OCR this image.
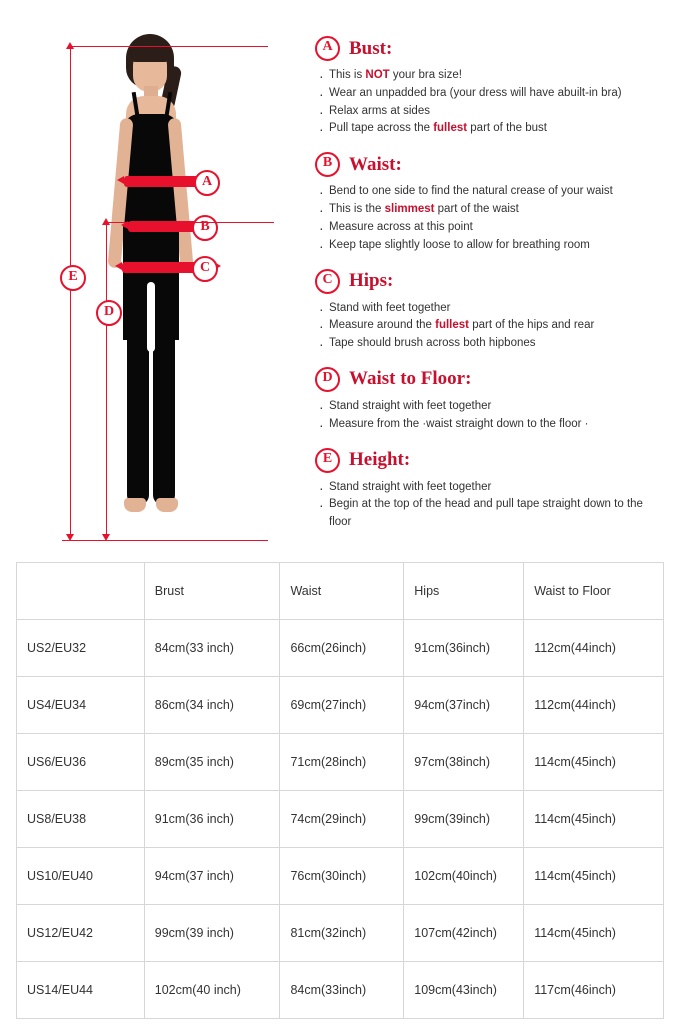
A
B
C
E
D
A Bust:
· This is NOT your bra size!
· Wear an unpadded bra (your dress will have abuilt-in bra)
· Relax arms at sides
· Pull tape across the fullest part of the bust
B Waist:
· Bend to one side to find the natural crease of your waist
· This is the slimmest part of the waist
· Measure across at this point
· Keep tape slightly loose to allow for breathing room
C Hips:
· Stand with feet together
· Measure around the fullest part of the hips and rear
· Tape should brush across both hipbones
D Waist to Floor:
· Stand straight with feet together
· Measure from the ·waist straight down to the floor ·
E Height:
· Stand straight with feet together
· Begin at the top of the head and pull tape straight down to the floor
	Brust	Waist	Hips	Waist to Floor
US2/EU32	84cm(33 inch)	66cm(26inch)	91cm(36inch)	112cm(44inch)
US4/EU34	86cm(34 inch)	69cm(27inch)	94cm(37inch)	112cm(44inch)
US6/EU36	89cm(35 inch)	71cm(28inch)	97cm(38inch)	114cm(45inch)
US8/EU38	91cm(36 inch)	74cm(29inch)	99cm(39inch)	114cm(45inch)
US10/EU40	94cm(37 inch)	76cm(30inch)	102cm(40inch)	114cm(45inch)
US12/EU42	99cm(39 inch)	81cm(32inch)	107cm(42inch)	114cm(45inch)
US14/EU44	102cm(40 inch)	84cm(33inch)	109cm(43inch)	117cm(46inch)
